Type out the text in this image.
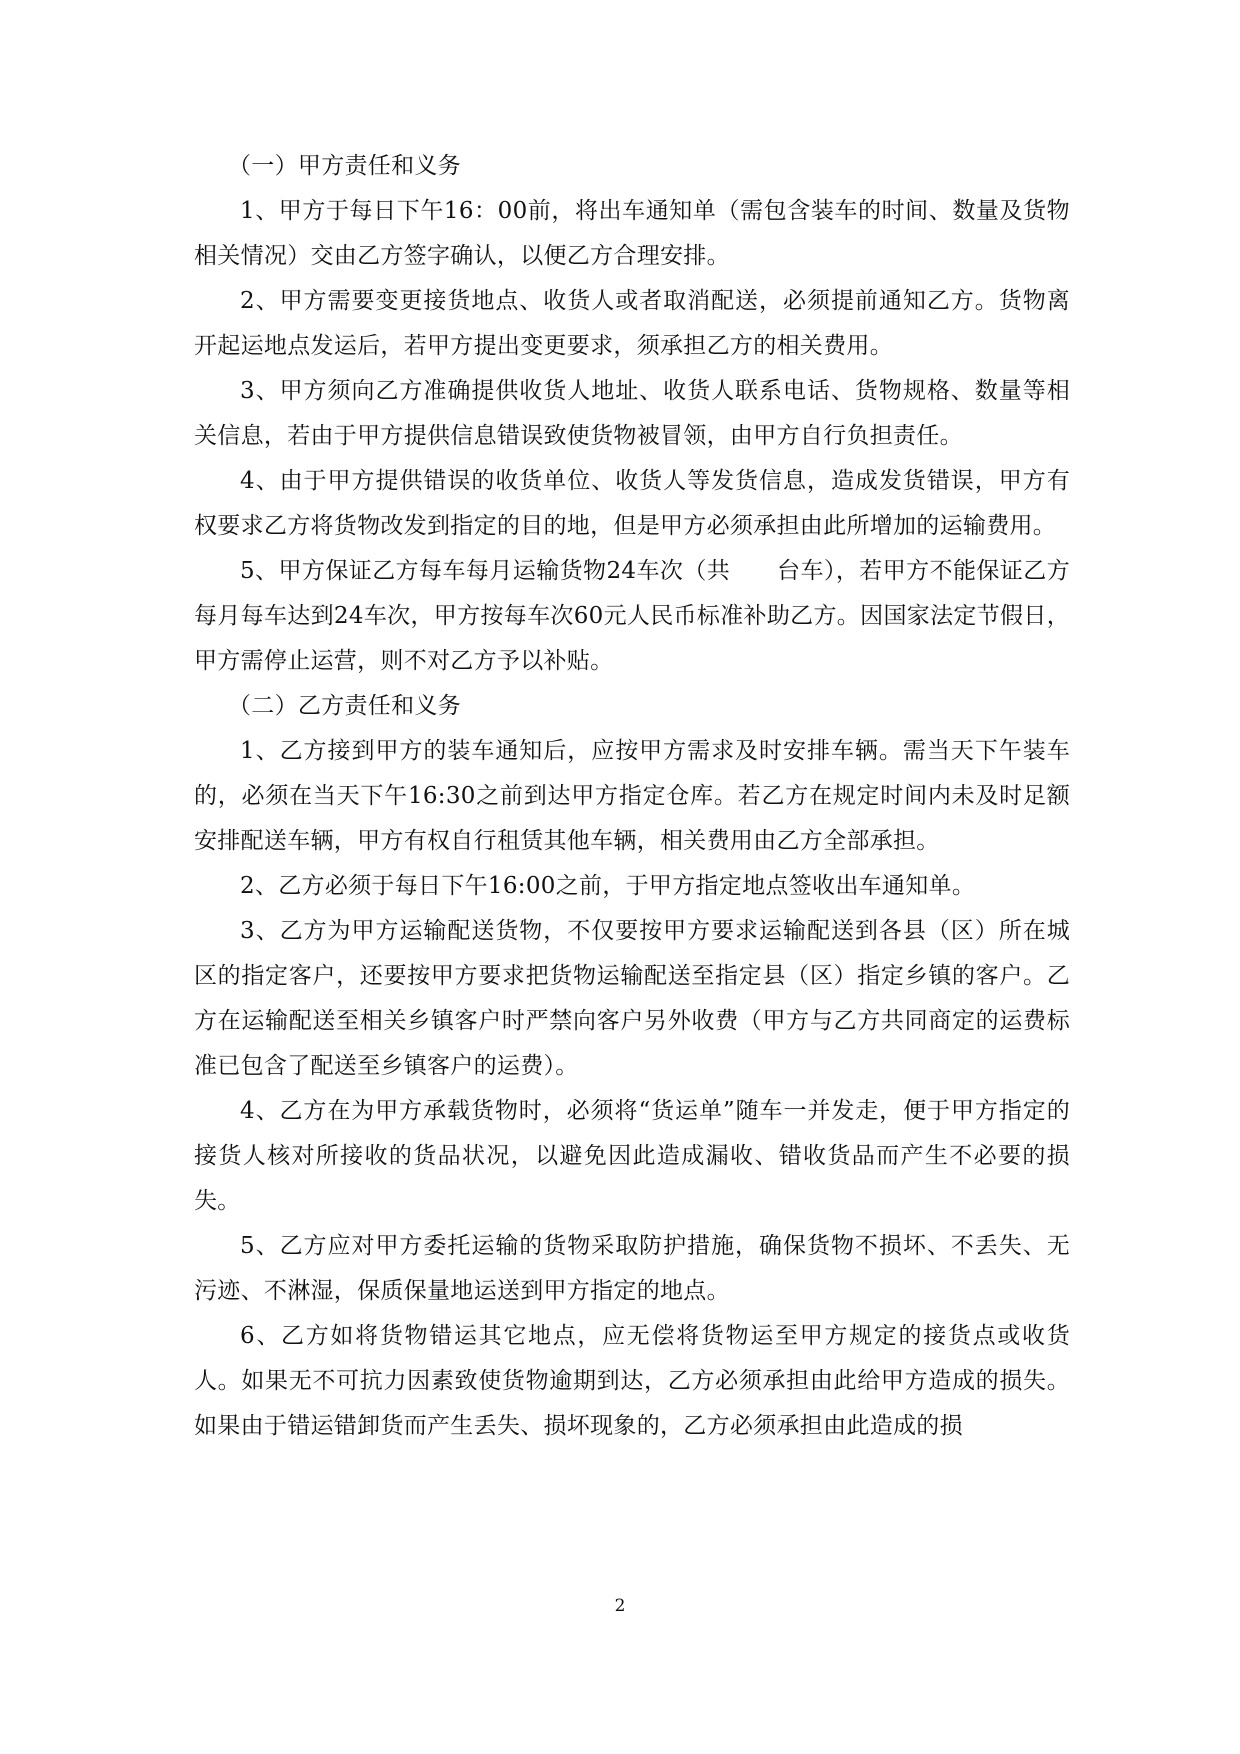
（一）甲方责任和义务

1、甲方于每日下午16：00前，将出车通知单（需包含装车的时间、数量及货物相关情况）交由乙方签字确认，以便乙方合理安排。

2、甲方需要变更接货地点、收货人或者取消配送，必须提前通知乙方。货物离开起运地点发运后，若甲方提出变更要求，须承担乙方的相关费用。

3、甲方须向乙方准确提供收货人地址、收货人联系电话、货物规格、数量等相关信息，若由于甲方提供信息错误致使货物被冒领，由甲方自行负担责任。

4、由于甲方提供错误的收货单位、收货人等发货信息，造成发货错误，甲方有权要求乙方将货物改发到指定的目的地，但是甲方必须承担由此所增加的运输费用。

5、甲方保证乙方每车每月运输货物24车次（共　　台车），若甲方不能保证乙方每月每车达到24车次，甲方按每车次60元人民币标准补助乙方。因国家法定节假日，甲方需停止运营，则不对乙方予以补贴。

（二）乙方责任和义务

1、乙方接到甲方的装车通知后，应按甲方需求及时安排车辆。需当天下午装车的，必须在当天下午16:30之前到达甲方指定仓库。若乙方在规定时间内未及时足额安排配送车辆，甲方有权自行租赁其他车辆，相关费用由乙方全部承担。

2、乙方必须于每日下午16:00之前，于甲方指定地点签收出车通知单。

3、乙方为甲方运输配送货物，不仅要按甲方要求运输配送到各县（区）所在城区的指定客户，还要按甲方要求把货物运输配送至指定县（区）指定乡镇的客户。乙方在运输配送至相关乡镇客户时严禁向客户另外收费（甲方与乙方共同商定的运费标准已包含了配送至乡镇客户的运费）。

4、乙方在为甲方承载货物时，必须将“货运单”随车一并发走，便于甲方指定的接货人核对所接收的货品状况，以避免因此造成漏收、错收货品而产生不必要的损失。

5、乙方应对甲方委托运输的货物采取防护措施，确保货物不损坏、不丢失、无污迹、不淋湿，保质保量地运送到甲方指定的地点。

6、乙方如将货物错运其它地点，应无偿将货物运至甲方规定的接货点或收货人。如果无不可抗力因素致使货物逾期到达，乙方必须承担由此给甲方造成的损失。如果由于错运错卸货而产生丢失、损坏现象的，乙方必须承担由此造成的损

2
